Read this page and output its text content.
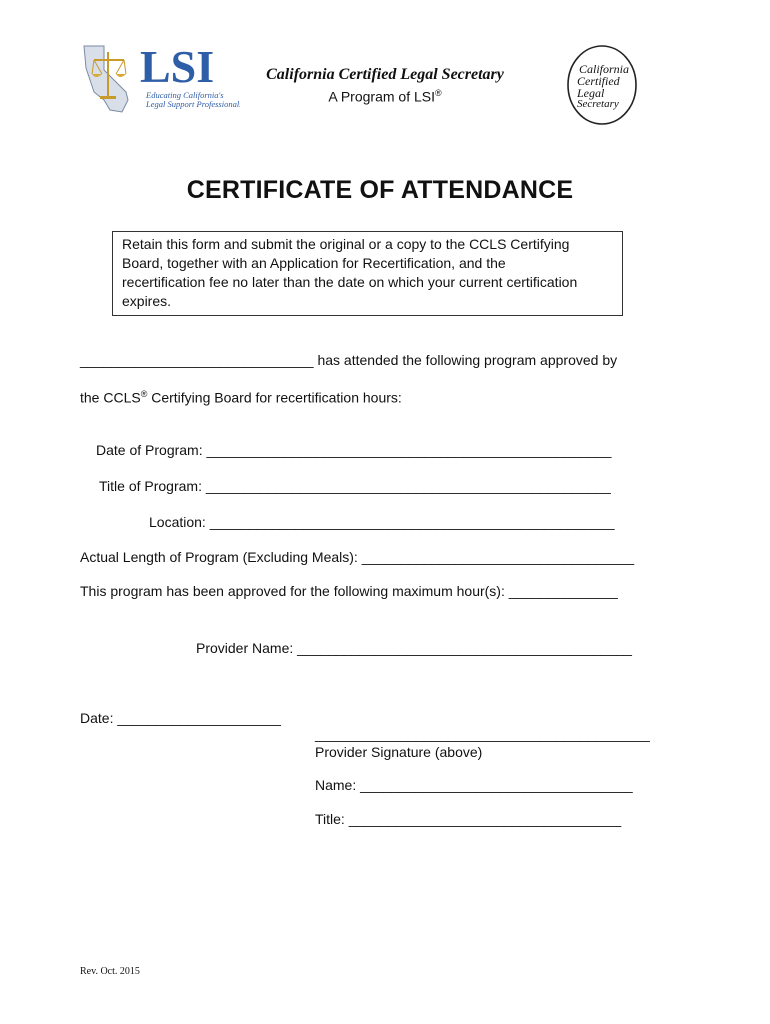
LSI
Educating California's
Legal Support Professionals
California Certified Legal Secretary
A Program of LSI®
California
Certified
Legal
Secretary
CERTIFICATE OF ATTENDANCE
Retain this form and submit the original or a copy to the CCLS Certifying
Board, together with an Application for Recertification, and the
recertification fee no later than the date on which your current certification
expires.
______________________________ has attended the following program approved by
the CCLS® Certifying Board for recertification hours:
Date of Program: ____________________________________________________
Title of Program: ____________________________________________________
Location: ____________________________________________________
Actual Length of Program (Excluding Meals): ___________________________________
This program has been approved for the following maximum hour(s): ______________
Provider Name: ___________________________________________
Date: _____________________
___________________________________________
Provider Signature (above)
Name: ___________________________________
Title: ___________________________________
Rev. Oct. 2015
